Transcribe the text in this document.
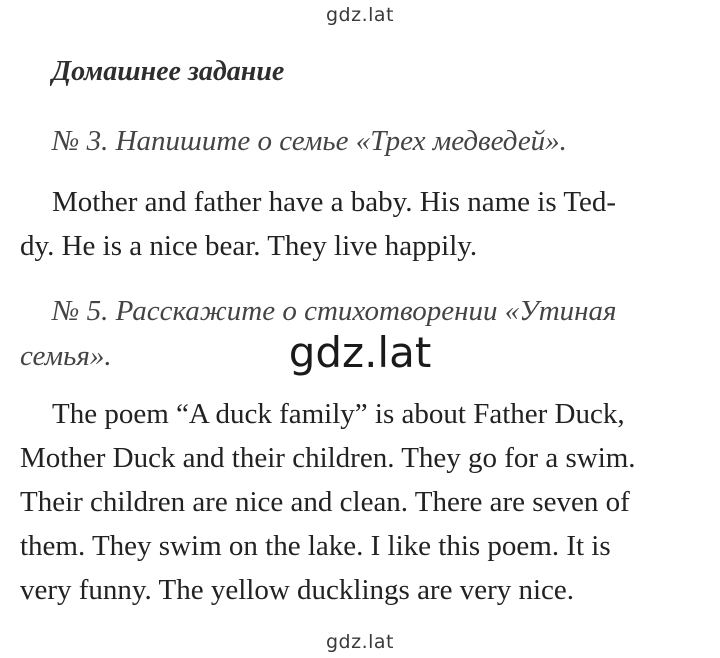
gdz.lat
Домашнее задание
№ 3. Напишите о семье «Трех медведей».
Mother and father have a baby. His name is Ted-
dy. He is a nice bear. They live happily.
№ 5. Расскажите о стихотворении «Утиная
семья».	gdz.lat
The poem “A duck family” is about Father Duck,
Mother Duck and their children. They go for a swim.
Their children are nice and clean. There are seven of
them. They swim on the lake. I like this poem. It is
very funny. The yellow ducklings are very nice.
gdz.lat
